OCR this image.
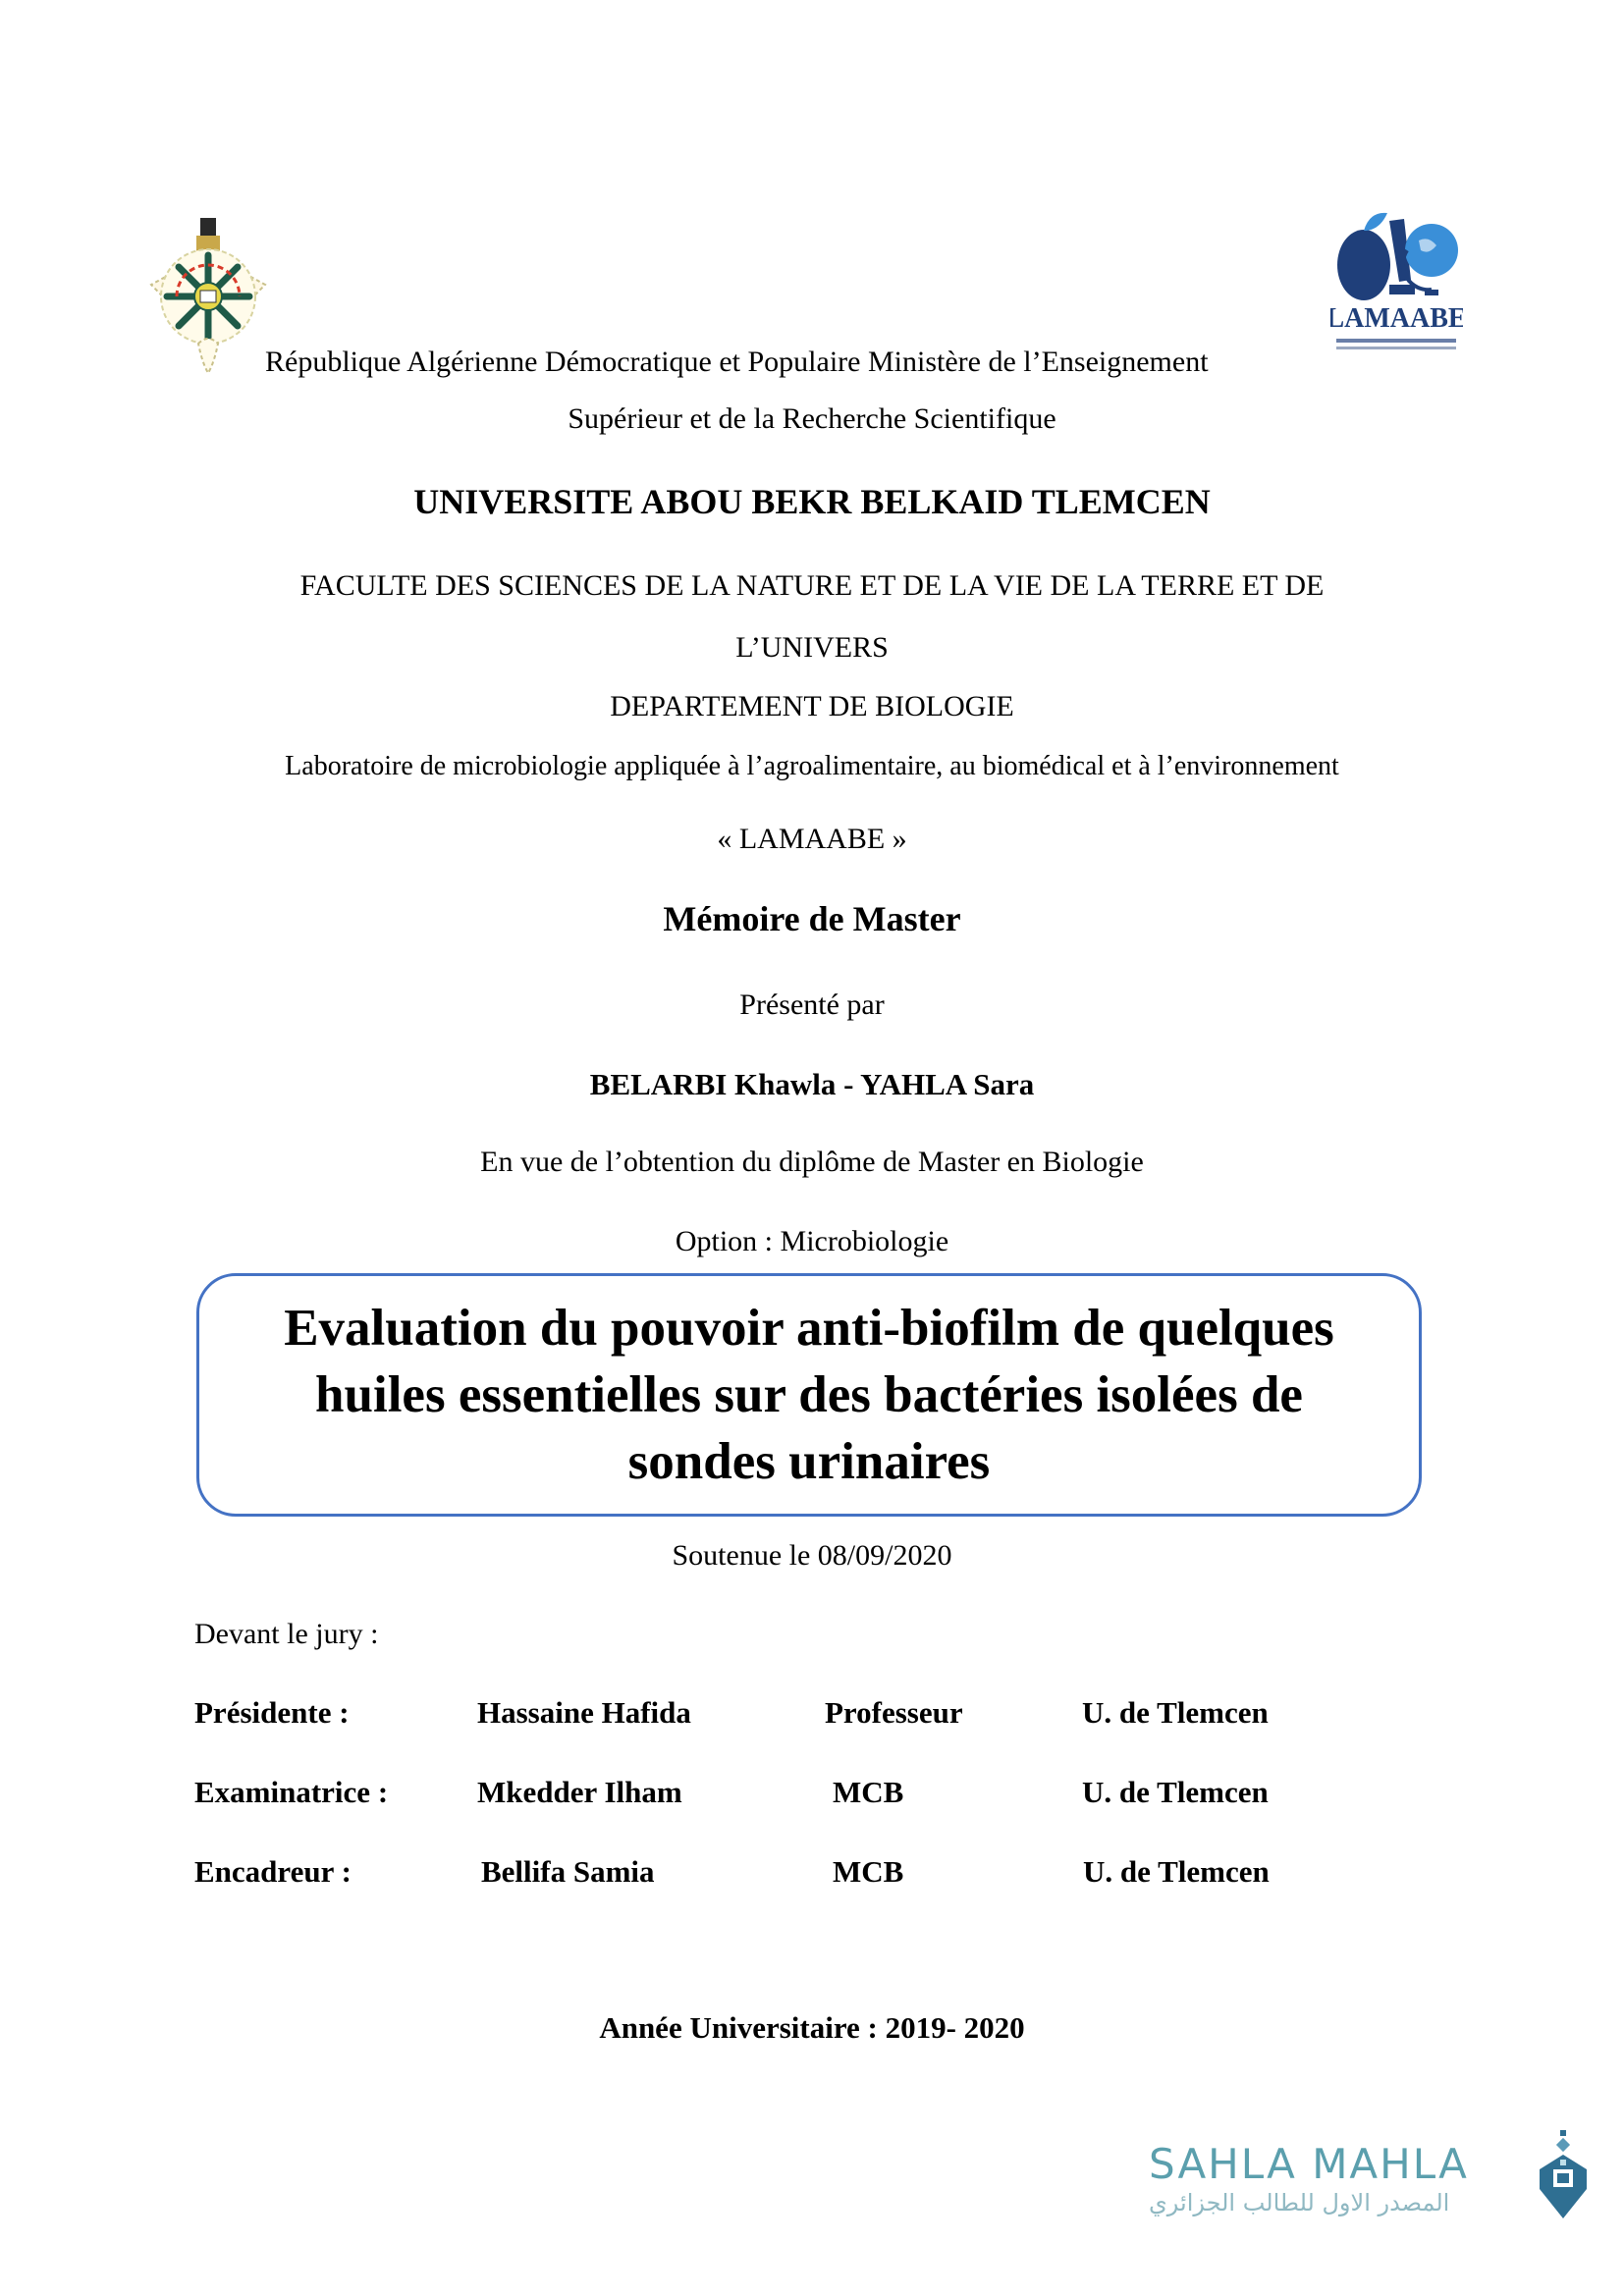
LAMAABE
République Algérienne Démocratique et Populaire Ministère de l’Enseignement
Supérieur et de la Recherche Scientifique
UNIVERSITE ABOU BEKR BELKAID TLEMCEN
FACULTE DES SCIENCES DE LA NATURE ET DE LA VIE DE LA TERRE ET DE
L’UNIVERS
DEPARTEMENT DE BIOLOGIE
Laboratoire de microbiologie appliquée à l’agroalimentaire, au biomédical et à l’environnement
« LAMAABE »
Mémoire de Master
Présenté par
BELARBI Khawla - YAHLA Sara
En vue de l’obtention du diplôme de Master en Biologie
Option : Microbiologie
Evaluation du pouvoir anti-biofilm de quelques
huiles essentielles sur des bactéries isolées de
sondes urinaires
Soutenue le 08/09/2020
Devant le jury :
Présidente :	Hassaine Hafida	Professeur	U. de Tlemcen
Examinatrice :	Mkedder Ilham	MCB	U. de Tlemcen
Encadreur :	Bellifa Samia	MCB	U. de Tlemcen
Année Universitaire : 2019- 2020
SAHLA MAHLA
المصدر الاول للطالب الجزائري
